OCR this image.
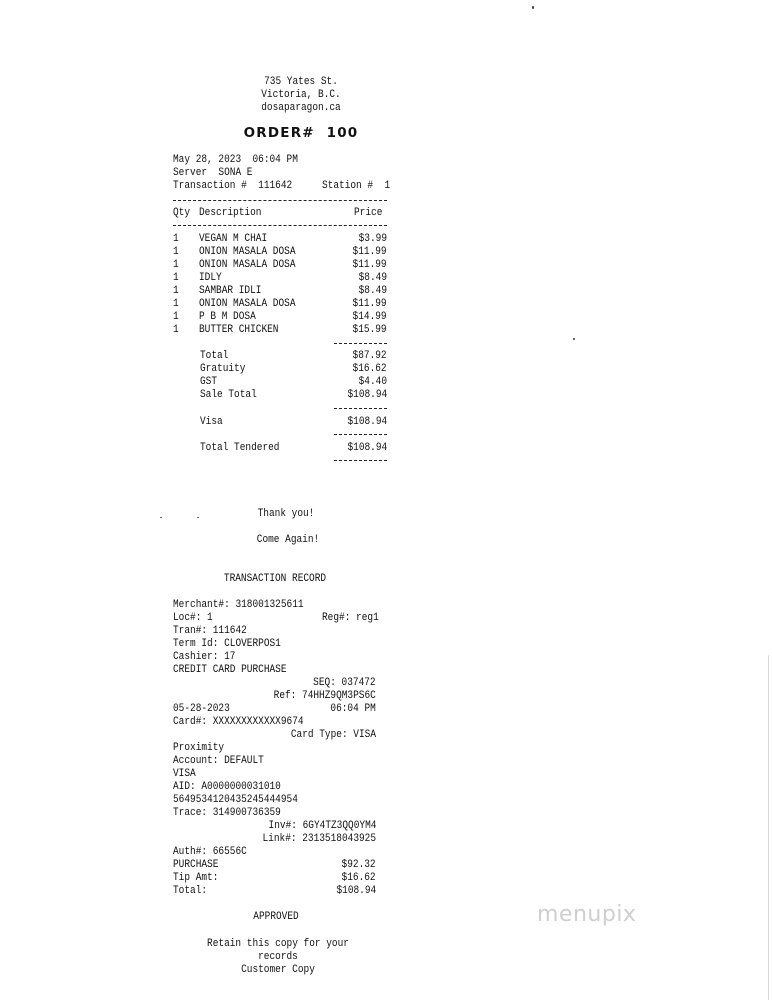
735 Yates St.
Victoria, B.C.
dosaparagon.ca
ORDER# 100
May 28, 2023  06:04 PM
Server  SONA E
Transaction #  111642	Station #  1
Qty Description	Price
1 VEGAN M CHAI	$3.99
1 ONION MASALA DOSA	$11.99
1 ONION MASALA DOSA	$11.99
1 IDLY	$8.49
1 SAMBAR IDLI	$8.49
1 ONION MASALA DOSA	$11.99
1 P B M DOSA	$14.99
1 BUTTER CHICKEN	$15.99
Total	$87.92
Gratuity	$16.62
GST	$4.40
Sale Total	$108.94
Visa	$108.94
Total Tendered	$108.94
Thank you!
Come Again!
TRANSACTION RECORD
Merchant#: 318001325611
Loc#: 1	Reg#: reg1
Tran#: 111642
Term Id: CLOVERPOS1
Cashier: 17
CREDIT CARD PURCHASE
SEQ: 037472
Ref: 74HHZ9QM3PS6C
05-28-2023	06:04 PM
Card#: XXXXXXXXXXXX9674
Card Type: VISA
Proximity
Account: DEFAULT
VISA
AID: A0000000031010
5649534120435245444954
Trace: 314900736359
Inv#: 6GY4TZ3QQ0YM4
Link#: 2313518043925
Auth#: 66556C
PURCHASE	$92.32
Tip Amt:	$16.62
Total:	$108.94
APPROVED
Retain this copy for your
records
Customer Copy
menupix
